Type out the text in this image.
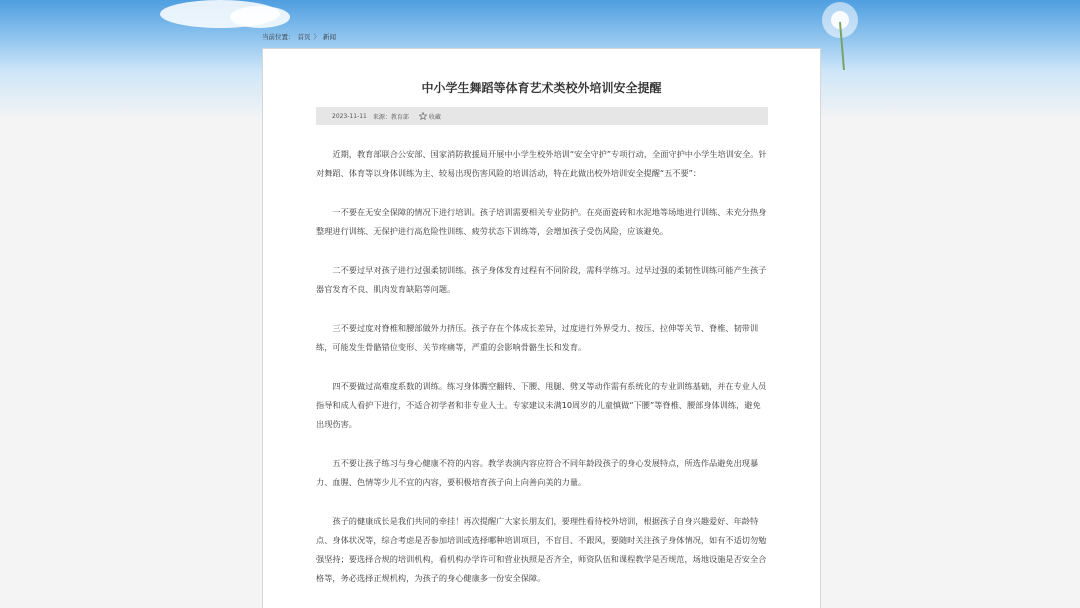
当前位置： 首页 〉 新闻
中小学生舞蹈等体育艺术类校外培训安全提醒
2023-11-11 来源：教育部	收藏

近期，教育部联合公安部、国家消防救援局开展中小学生校外培训“安全守护”专项行动，全面守护中小学生培训安全。针对舞蹈、体育等以身体训练为主、较易出现伤害风险的培训活动，特在此做出校外培训安全提醒“五不要”：

一不要在无安全保障的情况下进行培训。孩子培训需要相关专业防护。在亮面瓷砖和水泥地等场地进行训练、未充分热身整理进行训练、无保护进行高危险性训练、疲劳状态下训练等，会增加孩子受伤风险，应该避免。

二不要过早对孩子进行过强柔韧训练。孩子身体发育过程有不同阶段，需科学练习。过早过强的柔韧性训练可能产生孩子器官发育不良、肌肉发育缺陷等问题。

三不要过度对脊椎和腰部做外力挤压。孩子存在个体成长差异，过度进行外界受力、按压、拉伸等关节、脊椎、韧带训练，可能发生骨骼错位变形、关节疼痛等，严重的会影响骨骼生长和发育。

四不要做过高难度系数的训练。练习身体腾空翻转、下腰、甩腿、劈叉等动作需有系统化的专业训练基础，并在专业人员指导和成人看护下进行，不适合初学者和非专业人士。专家建议未满10周岁的儿童慎做“下腰”等脊椎、腰部身体训练，避免出现伤害。

五不要让孩子练习与身心健康不符的内容。教学表演内容应符合不同年龄段孩子的身心发展特点，所选作品避免出现暴力、血腥、色情等少儿不宜的内容，要积极培育孩子向上向善向美的力量。

孩子的健康成长是我们共同的牵挂！再次提醒广大家长朋友们，要理性看待校外培训，根据孩子自身兴趣爱好、年龄特点、身体状况等，综合考虑是否参加培训或选择哪种培训项目，不盲目、不跟风，要随时关注孩子身体情况，如有不适切勿勉强坚持；要选择合规的培训机构，看机构办学许可和营业执照是否齐全，师资队伍和课程教学是否规范，场地设施是否安全合格等，务必选择正规机构，为孩子的身心健康多一份安全保障。
